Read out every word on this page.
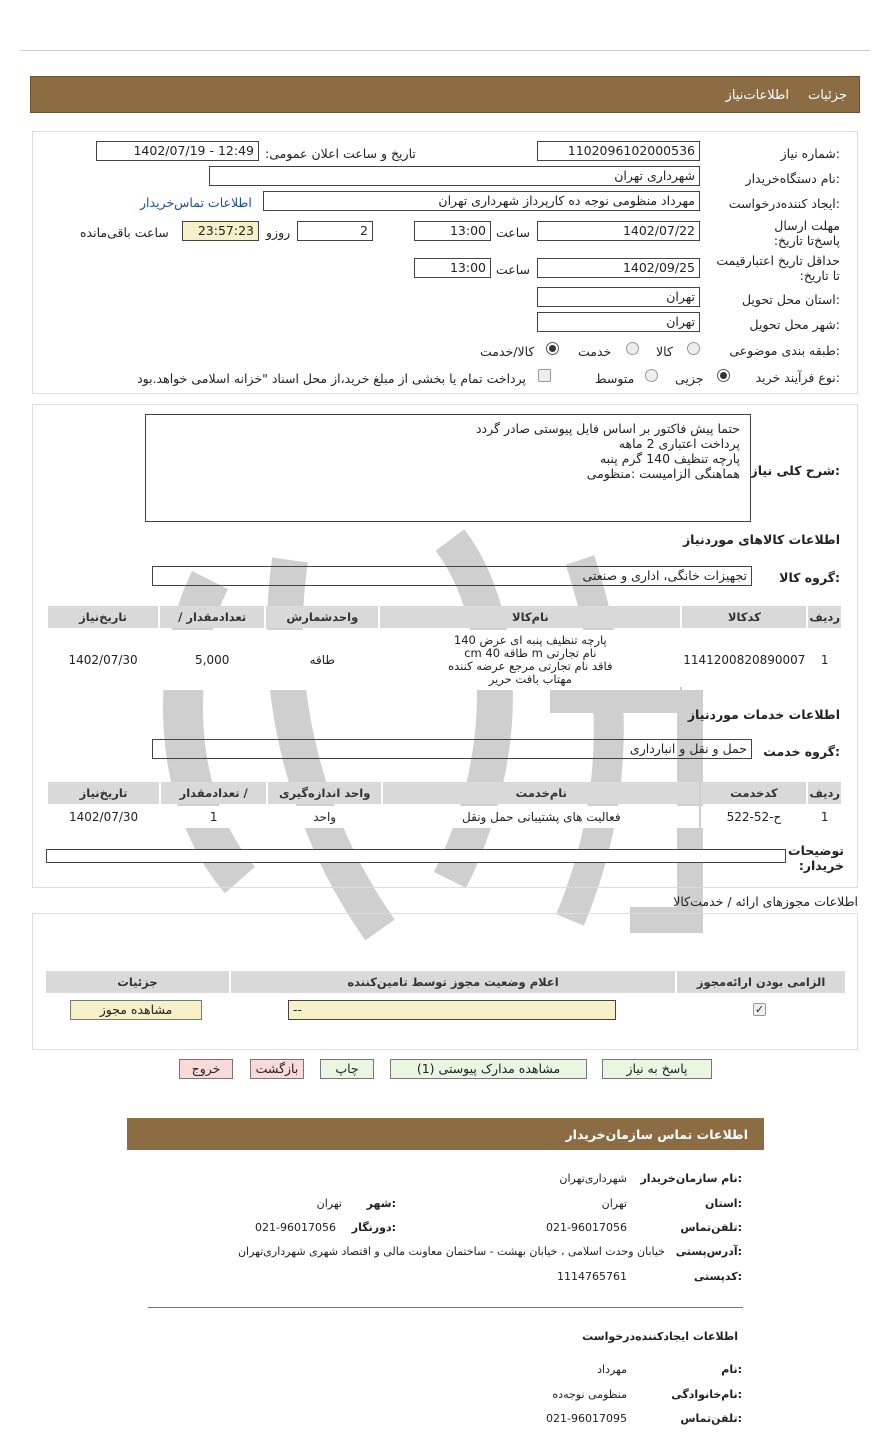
جزئیات
اطلاعات‌نیاز
شماره نیاز:
1102096102000536
تاریخ و ساعت اعلان عمومی:
1402/07/19 - 12:49
نام دستگاه‌خریدار:
شهرداری تهران
ایجاد کننده‌درخواست:
مهرداد منظومی نوجه ده کارپرداز شهرداری تهران
اطلاعات تماس‌خریدار
مهلت ارسال پاسخ‌تا تاریخ:
1402/07/22
ساعت
13:00
2
روزو
23:57:23
ساعت باقی‌مانده
حداقل تاریخ اعتبارقیمت تا تاریخ:
1402/09/25
ساعت
13:00
استان محل تحویل:
تهران
شهر محل تحویل:
تهران
طبقه بندی موضوعی:
کالا
خدمت
کالا/خدمت
نوع فرآیند خرید:
جزیی
متوسط
پرداخت تمام یا بخشی از مبلغ خرید،از محل اسناد "خزانه اسلامی خواهد.بود
شرح کلی نیاز:
حتما پیش فاکتور بر اساس فایل پیوستی صادر گردد
پرداخت اعتباری 2 ماهه
پارچه تنظیف 140 گرم پنبه
هماهنگی الزامیست :منظومی
اطلاعات کالاهای موردنیاز
گروه کالا:
تجهیزات خانگی، اداری و صنعتی
تاریخ‌نیاز	تعدادمقدار /	واحدشمارش	نام‌کالا	کدکالا	ردیف
1402/07/30	5,000	طاقه	پارچه تنظیف پنبه ای عرض 140
cm طاقه 40 m نام تجارتی
فاقد نام تجارتی مرجع عرضه کننده
مهتاب بافت حریر	1141200820890007	1
اطلاعات خدمات موردنیاز
گروه خدمت:
حمل و نقل و انبارداری
تاریخ‌نیاز	تعدادمقدار /	واحد اندازه‌گیری	نام‌خدمت	کدخدمت	ردیف
1402/07/30	1	واحد	فعالیت های پشتیبانی حمل ونقل	ح-52-522	1
توضیحات خریدار:
اطلاعات مجوزهای ارائه / خدمت‌کالا
جزئیات	اعلام وضعیت مجوز توسط تامین‌کننده	الزامی بودن ارائه‌مجوز

مشاهده مجوز	--	✓
پاسخ به نیاز
مشاهده مدارک پیوستی (1)
چاپ
بازگشت
خروج
اطلاعات تماس سازمان‌خریدار
نام سازمان‌خریدار:
شهرداری‌تهران
استان:
تهران
شهر:
تهران
تلفن‌تماس:
021-96017056
دورنگار:
021-96017056
آدرس‌پستی:
خیابان وحدت اسلامی ، خیابان بهشت - ساختمان معاونت مالی و اقتصاد شهری شهرداری‌تهران
کدپستی:
1114765761
اطلاعات ایجادکننده‌درخواست
نام:
مهرداد
نام‌خانوادگی:
منظومی نوجه‌ده
تلفن‌تماس:
021-96017095
